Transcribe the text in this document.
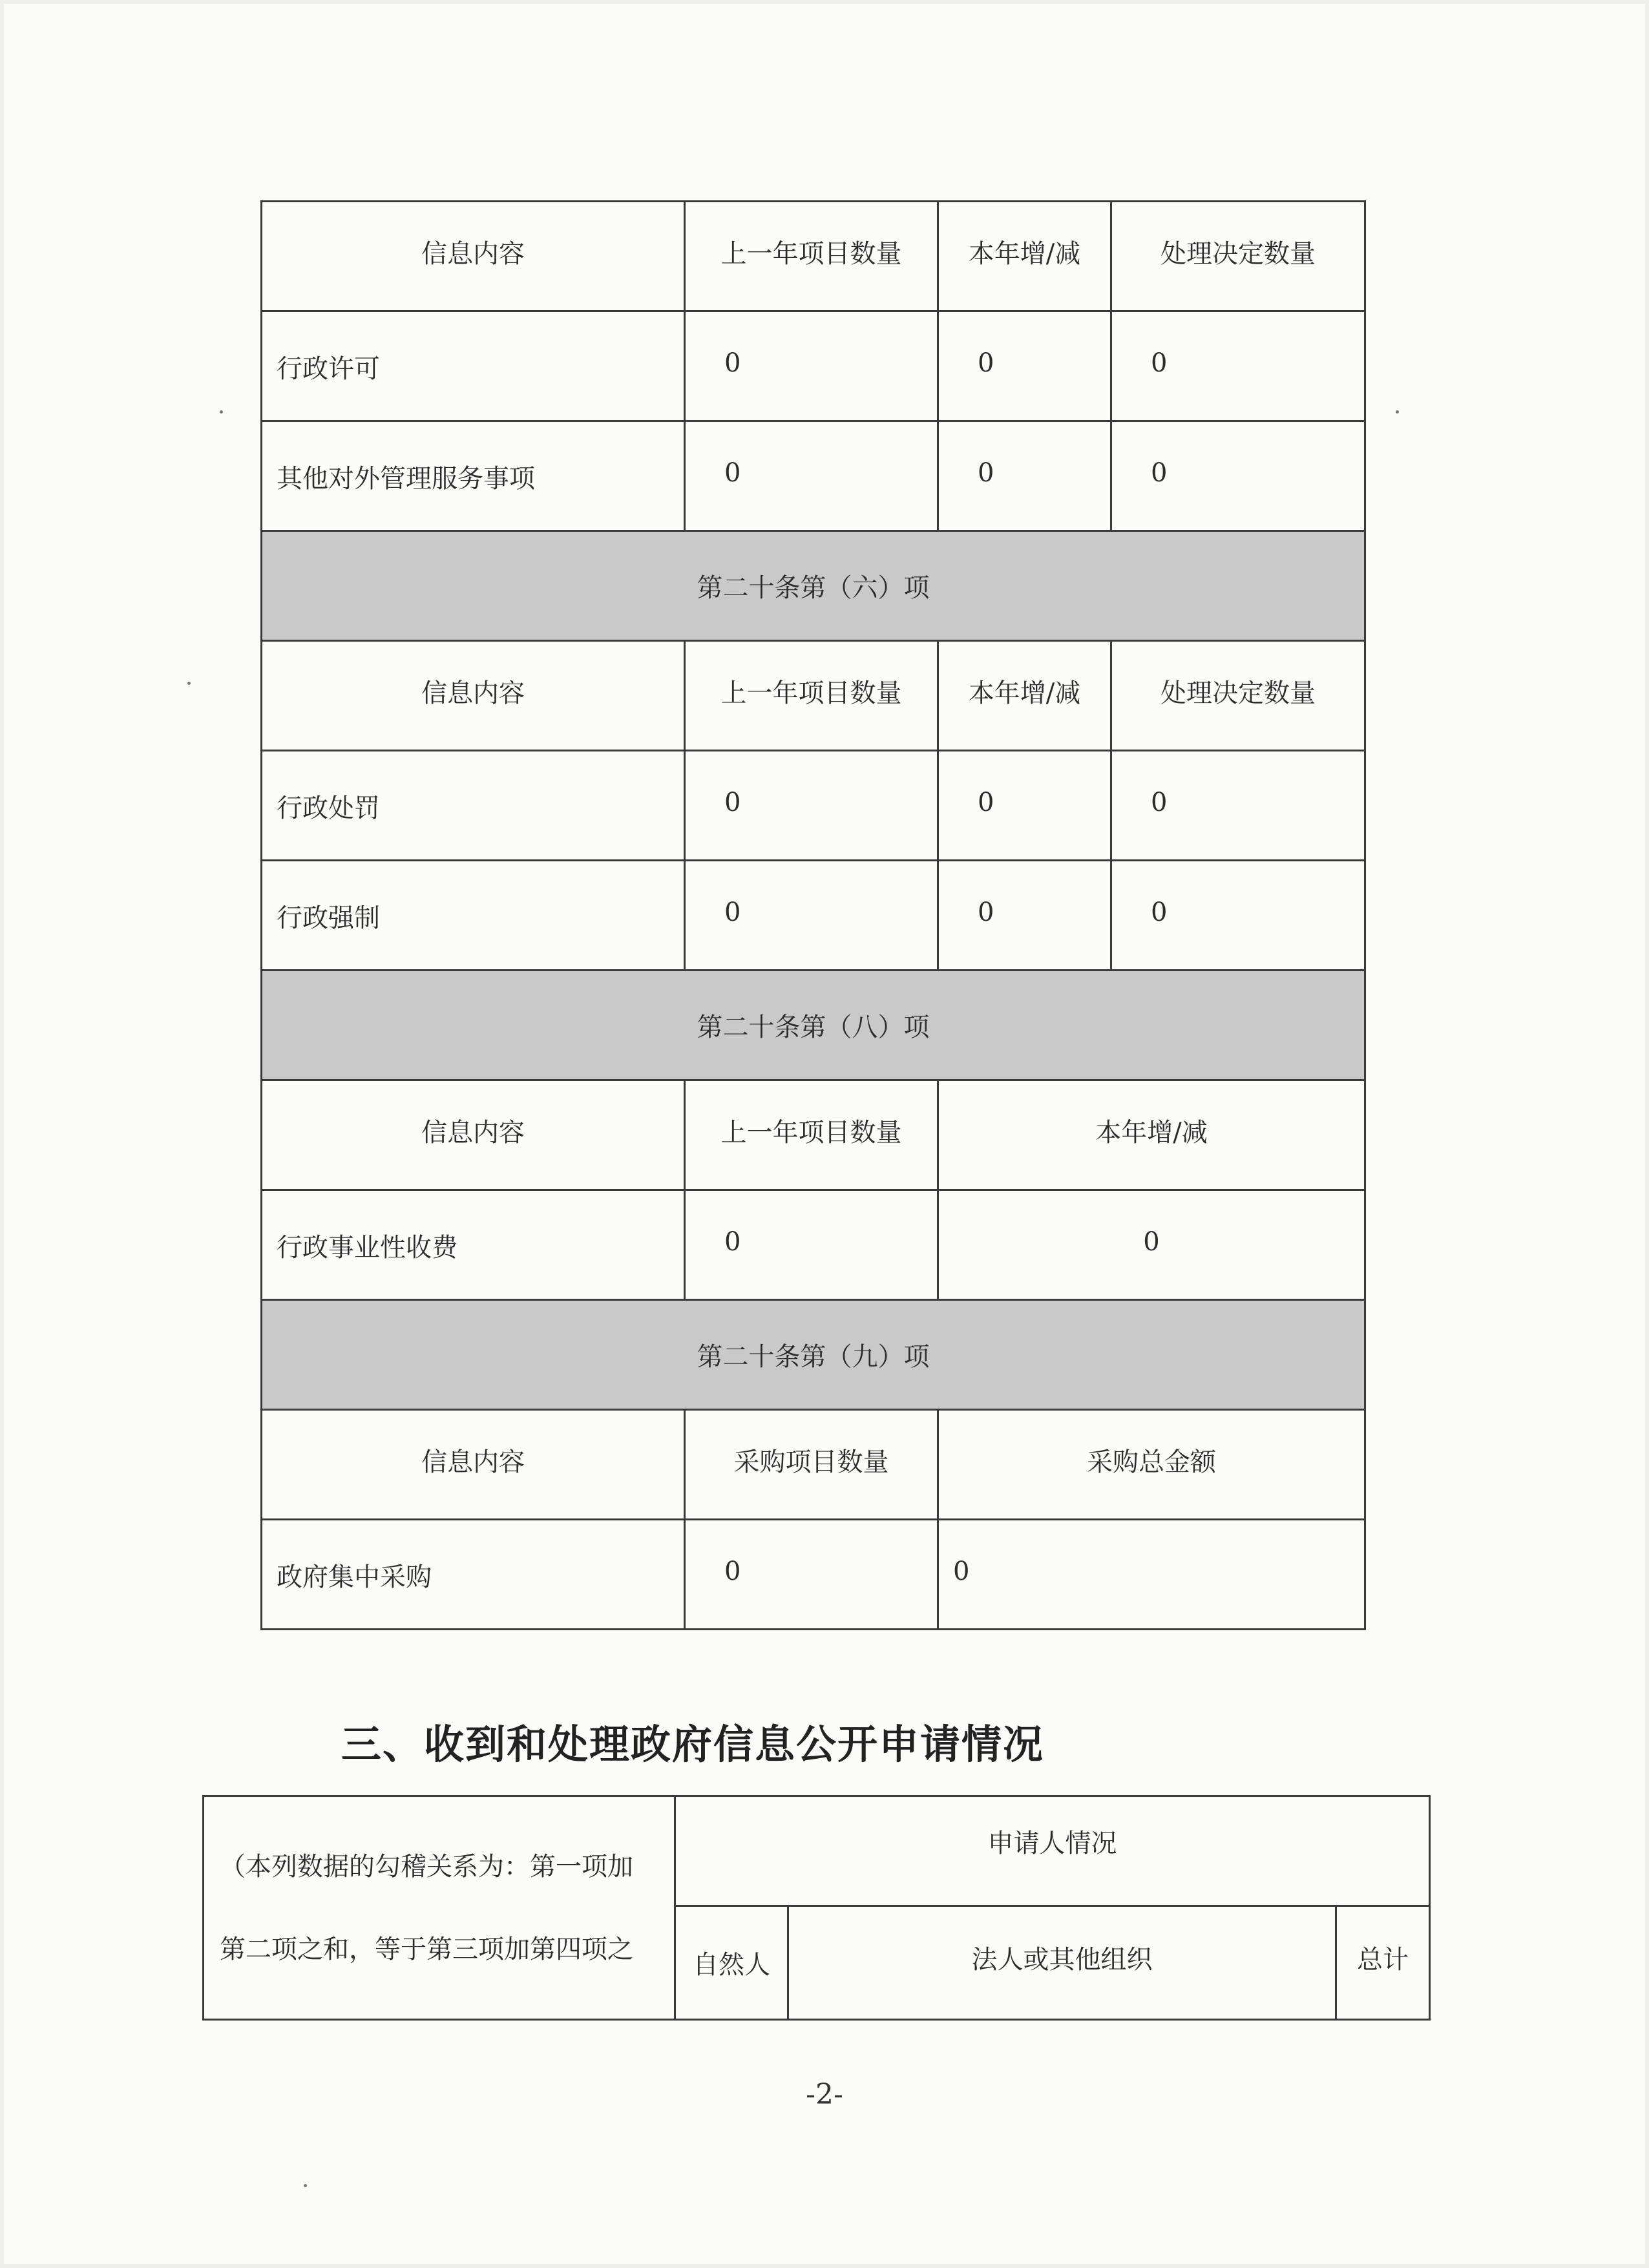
信息内容	上一年项目数量	本年增/减	处理决定数量
行政许可	0	0	0
其他对外管理服务事项	0	0	0
第二十条第（六）项			
信息内容	上一年项目数量	本年增/减	处理决定数量
行政处罚	0	0	0
行政强制	0	0	0
第二十条第（八）项			
信息内容	上一年项目数量	本年增/减	
行政事业性收费	0	0	
第二十条第（九）项			
信息内容	采购项目数量	采购总金额	
政府集中采购	0	0	
三、收到和处理政府信息公开申请情况
（本列数据的勾稽关系为：第一项加
第二项之和，等于第三项加第四项之	申请人情况		
	自然人	法人或其他组织	总计
-2-
